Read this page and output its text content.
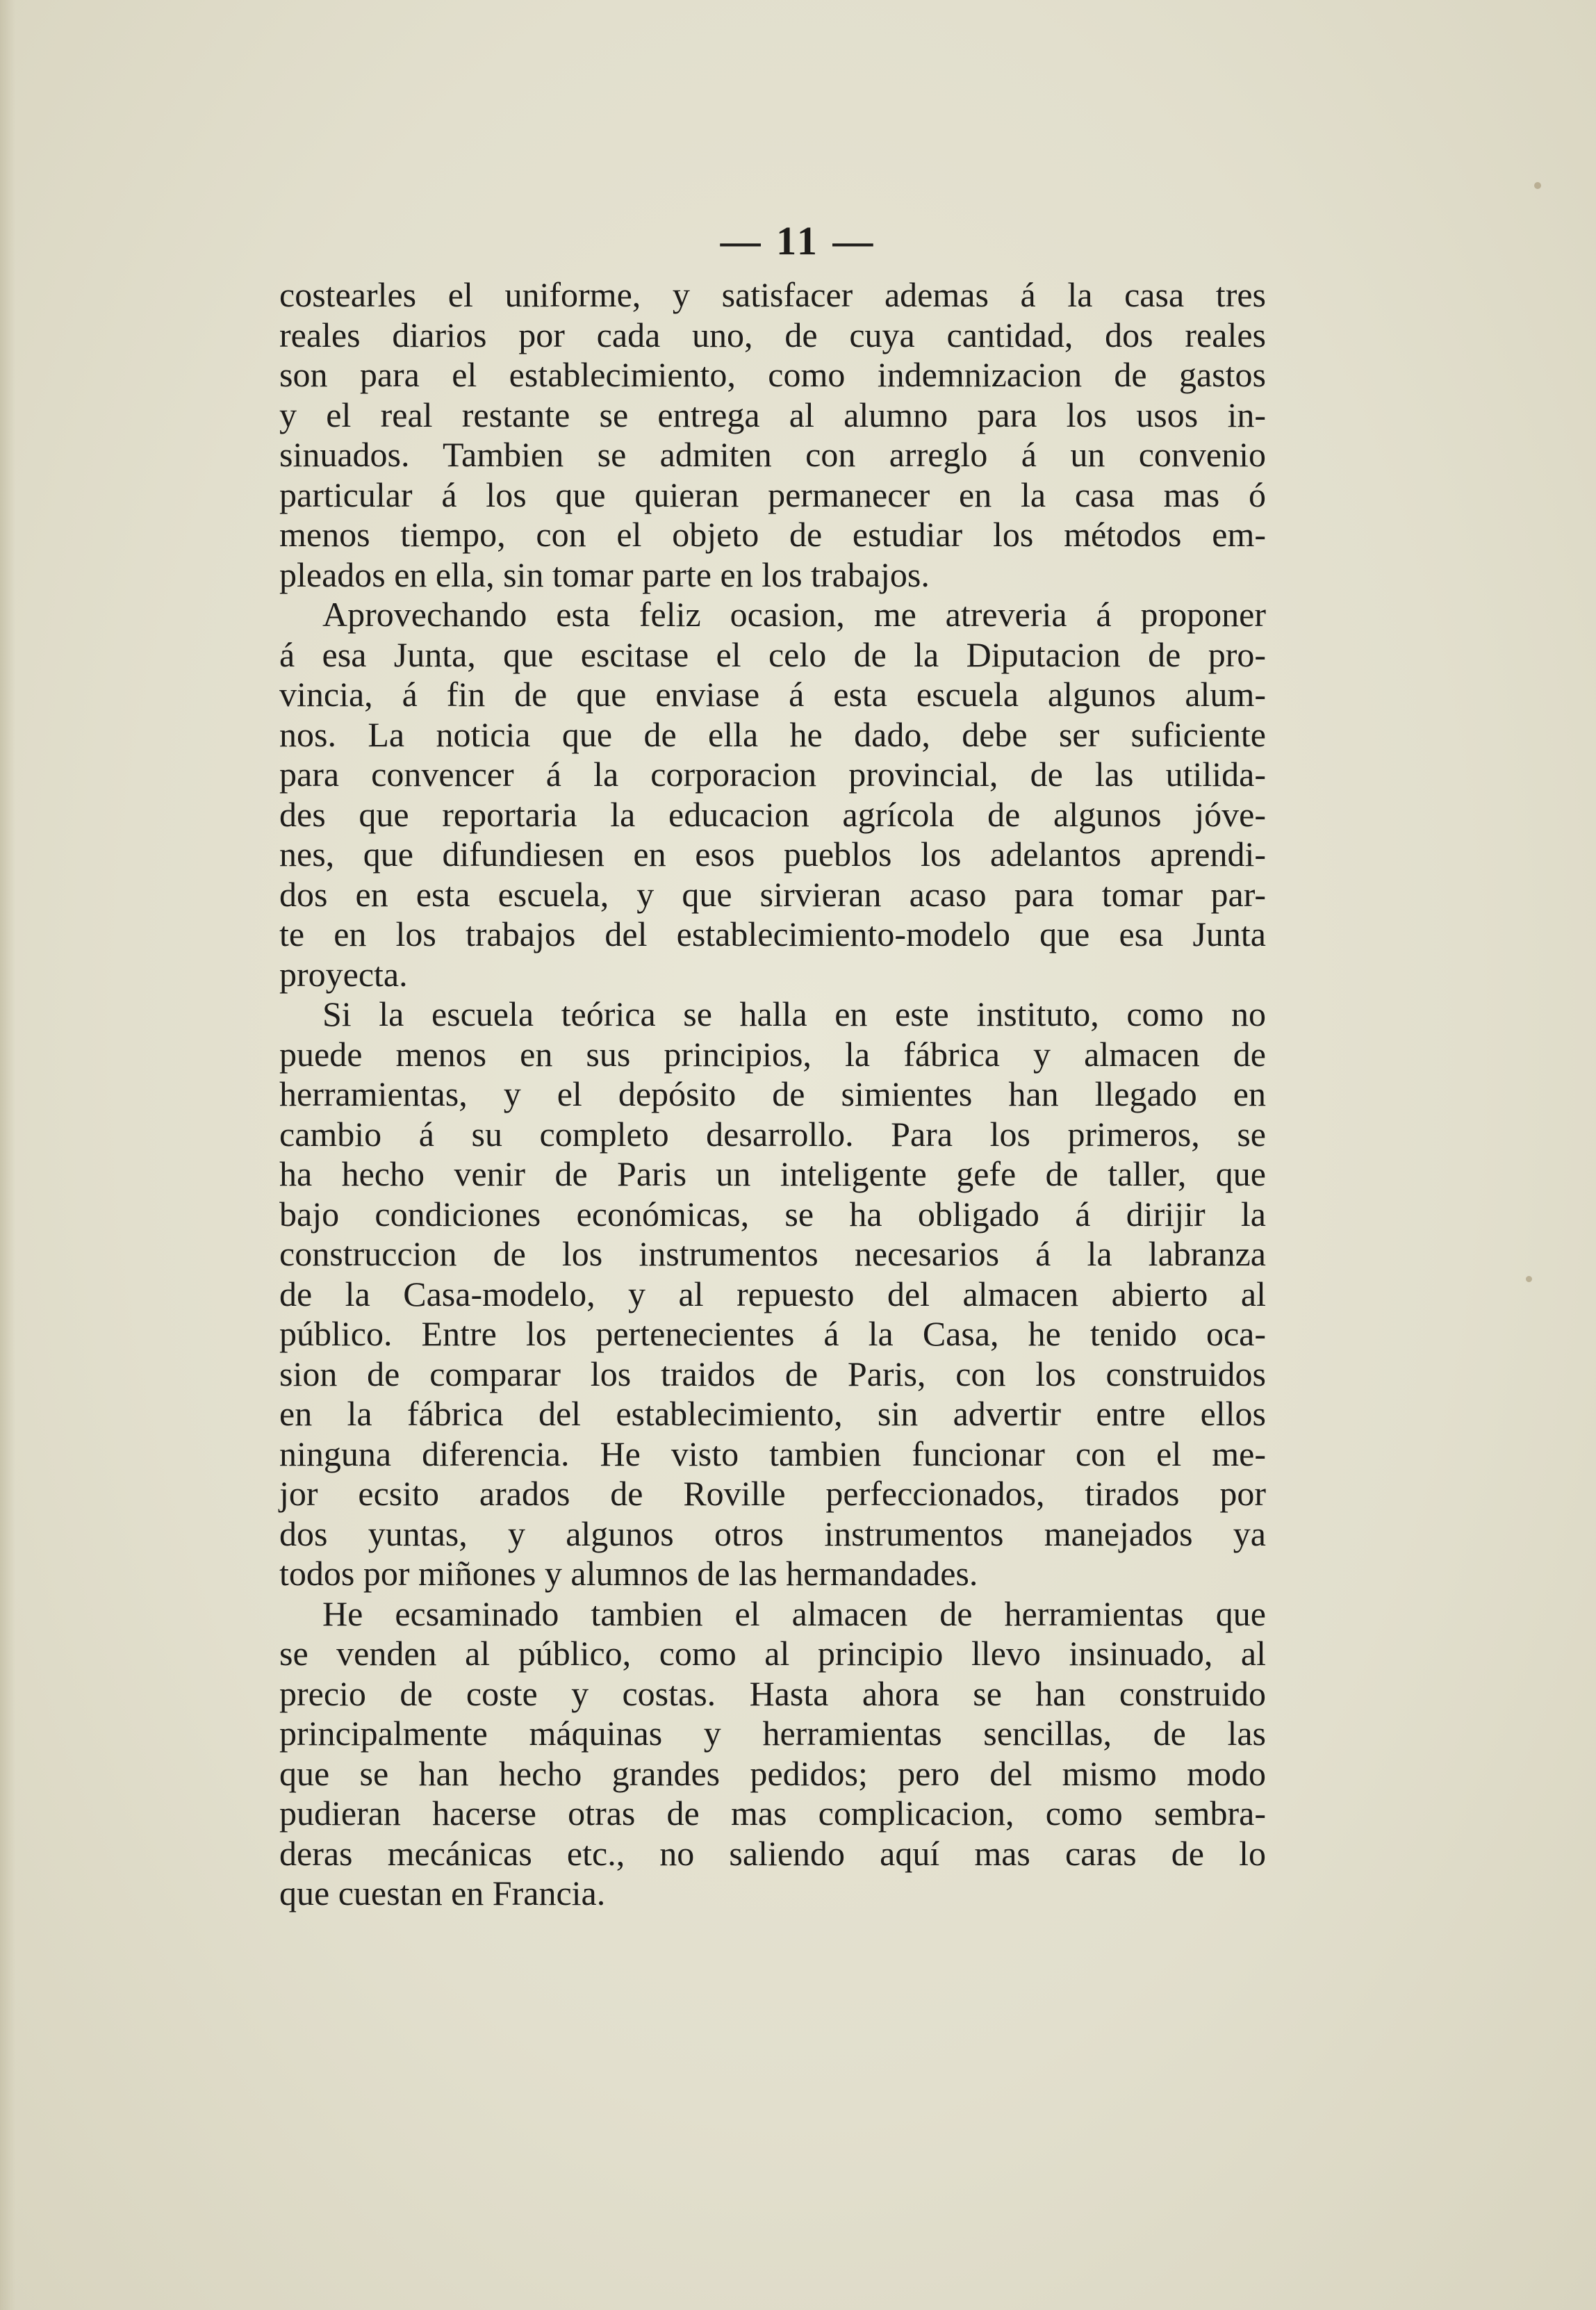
— 11 —
costearles el uniforme, y satisfacer ademas á la casa tres
reales diarios por cada uno, de cuya cantidad, dos reales
son para el establecimiento, como indemnizacion de gastos
y el real restante se entrega al alumno para los usos in-
sinuados. Tambien se admiten con arreglo á un convenio
particular á los que quieran permanecer en la casa mas ó
menos tiempo, con el objeto de estudiar los métodos em-
pleados en ella, sin tomar parte en los trabajos.
Aprovechando esta feliz ocasion, me atreveria á proponer
á esa Junta, que escitase el celo de la Diputacion de pro-
vincia, á fin de que enviase á esta escuela algunos alum-
nos. La noticia que de ella he dado, debe ser suficiente
para convencer á la corporacion provincial, de las utilida-
des que reportaria la educacion agrícola de algunos jóve-
nes, que difundiesen en esos pueblos los adelantos aprendi-
dos en esta escuela, y que sirvieran acaso para tomar par-
te en los trabajos del establecimiento-modelo que esa Junta
proyecta.
Si la escuela teórica se halla en este instituto, como no
puede menos en sus principios, la fábrica y almacen de
herramientas, y el depósito de simientes han llegado en
cambio á su completo desarrollo. Para los primeros, se
ha hecho venir de Paris un inteligente gefe de taller, que
bajo condiciones económicas, se ha obligado á dirijir la
construccion de los instrumentos necesarios á la labranza
de la Casa-modelo, y al repuesto del almacen abierto al
público. Entre los pertenecientes á la Casa, he tenido oca-
sion de comparar los traidos de Paris, con los construidos
en la fábrica del establecimiento, sin advertir entre ellos
ninguna diferencia. He visto tambien funcionar con el me-
jor ecsito arados de Roville perfeccionados, tirados por
dos yuntas, y algunos otros instrumentos manejados ya
todos por miñones y alumnos de las hermandades.
He ecsaminado tambien el almacen de herramientas que
se venden al público, como al principio llevo insinuado, al
precio de coste y costas. Hasta ahora se han construido
principalmente máquinas y herramientas sencillas, de las
que se han hecho grandes pedidos; pero del mismo modo
pudieran hacerse otras de mas complicacion, como sembra-
deras mecánicas etc., no saliendo aquí mas caras de lo
que cuestan en Francia.
